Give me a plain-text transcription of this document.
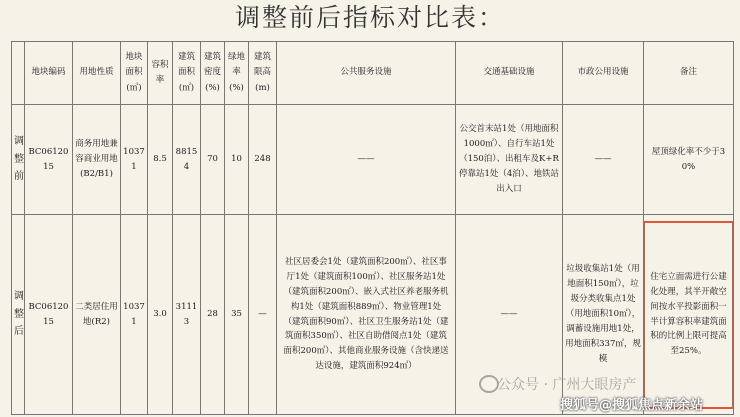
调整前后指标对比表：
	地块编码	用地性质	地块面积(㎡)	容积率	建筑面积(㎡)	建筑密度(%)	绿地率(%)	建筑限高(m)	公共服务设施	交通基础设施	市政公用设施	备注
调整前	BC0612015	商务用地兼容商业用地(B2/B1)	10371	8.5	88154	70	10	248	——	公交首末站1处（用地面积1000㎡）、自行车站1处（150泊）、出租车及K+R停靠站1处（4泊）、地铁站出入口	——	屋顶绿化率不少于30%
调整后	BC0612015	二类居住用地(R2)	10371	3.0	31113	28	35	—	社区居委会1处（建筑面积200㎡）、社区事厅1处（建筑面积100㎡）、社区服务站1处（建筑面积200㎡）、嵌入式社区养老服务机构1处（建筑面积889㎡）、物业管理1处（建筑面积90㎡）、社区卫生服务站1处（建筑面积350㎡）、社区自助借阅点1处（建筑面积200㎡）、其他商业服务设施（含快递送达设施，建筑面积924㎡）	——	垃圾收集站1处（用地面积150㎡），垃圾分类收集点1处（用地面积10㎡），调蓄设施用地1处，用地面积337㎡，规模	住宅立面需进行公建化处理，其半开敞空间按水平投影面积一半计算容积率建筑面积的比例上限可提高至25%。
公众号 · 广州大眼房产
搜狐号@搜狐焦点新余站
